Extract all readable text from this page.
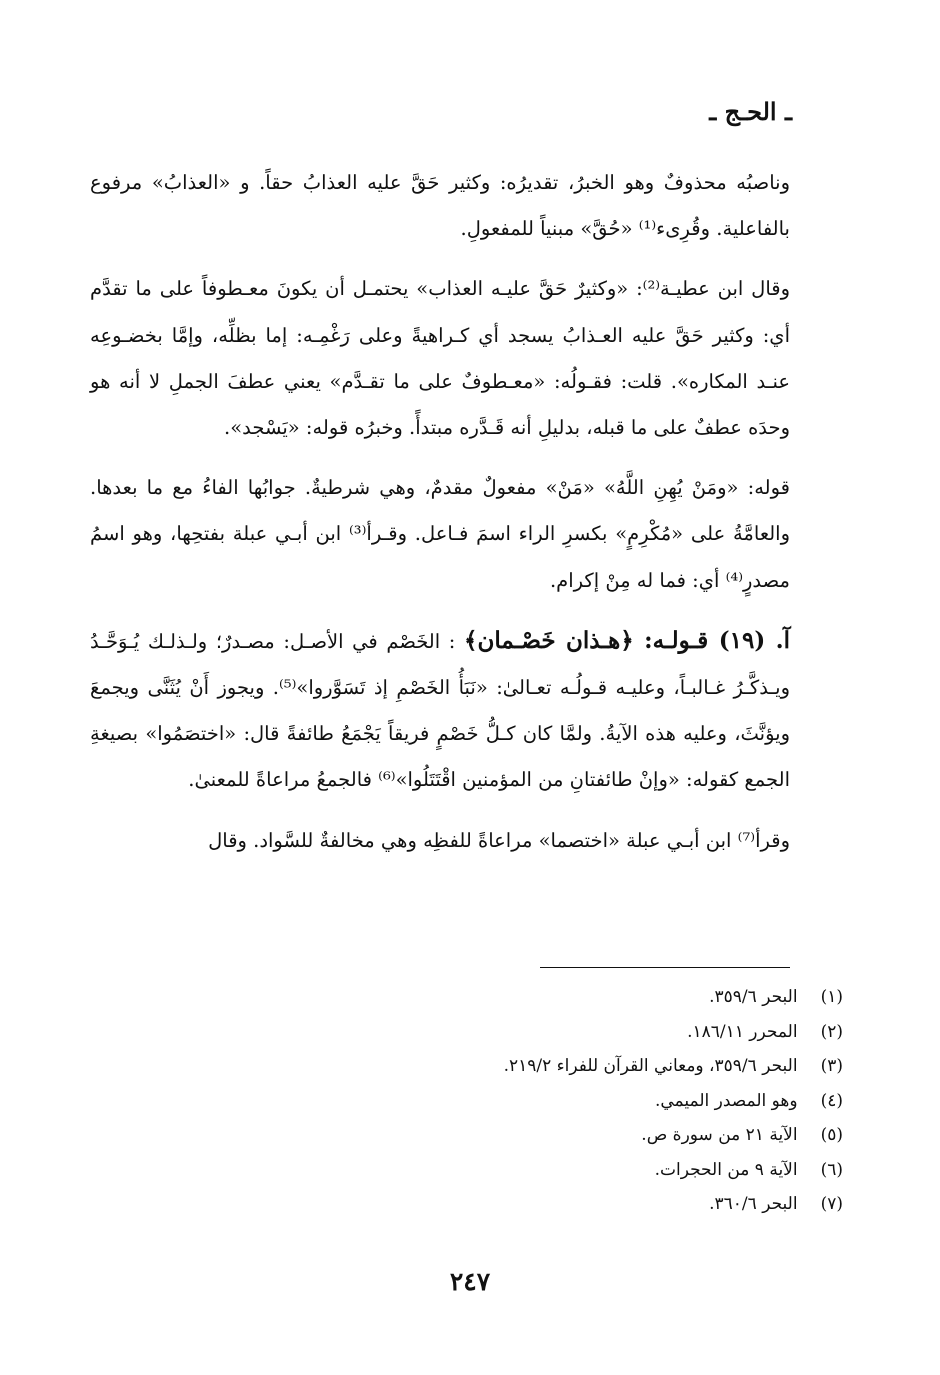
ـ الحـج ـ

وناصبُه محذوفٌ وهو الخبرُ، تقديرُه: وكثير حَقَّ عليه العذابُ حقاً. و «العذابُ» مرفوع بالفاعلية. وقُرِىء⁽¹⁾ «حُقَّ» مبنياً للمفعولِ.

وقال ابن عطيـة⁽²⁾: «وكثيرٌ حَقَّ عليـه العذاب» يحتمـل أن يكونَ معـطوفاً على ما تقدَّم أي: وكثير حَقَّ عليه العـذابُ يسجد أي كـراهيةً وعلى رَغْمِـه: إما بظلِّه، وإمَّا بخضـوعِه عنـد المكاره». قلت: فقـولُه: «معـطوفٌ على ما تقـدَّم» يعني عطفَ الجملِ لا أنه هو وحدَه عطفٌ على ما قبله، بدليلِ أنه قَـدَّره مبتدأً. وخبرُه قوله: «يَسْجد».

قوله: «ومَنْ يُهِنِ اللَّهُ» «مَنْ» مفعولٌ مقدمٌ، وهي شرطيةٌ. جوابُها الفاءُ مع ما بعدها. والعامَّةُ على «مُكْرِمٍ» بكسرِ الراء اسمَ فـاعل. وقـرأ⁽³⁾ ابن أبـي عبلة بفتحِها، وهو اسمُ مصدرٍ⁽⁴⁾ أي: فما له مِنْ إكرام.

آ. (١٩) قـولـه: ﴿هـذان خَصْـمان﴾ : الخَصْم في الأصـل: مصـدرٌ؛ ولـذلـك يُـوَحَّـدُ ويـذكَّـرُ غـالبـاً، وعليـه قـولُـه تعـالىٰ: «نَبَأُ الخَصْمِ إذ تَسَوَّروا»⁽⁵⁾. ويجوز أَنْ يُثَنَّى ويجمعَ ويؤنَّثَ، وعليه هذه الآيةُ. ولمَّا كان كـلُّ خَصْمٍ فريقاً يَجْمَعُ طائفةً قال: «اختصَمُوا» بصيغةِ الجمع كقوله: «وإنْ طائفتانِ من المؤمنين اقْتَتَلُوا»⁽⁶⁾ فالجمعُ مراعاةً للمعنىٰ.

وقرأ⁽⁷⁾ ابن أبـي عبلة «اختصما» مراعاةً للفظِه وهي مخالفةٌ للسَّواد. وقال

(١) البحر ٣٥٩/٦.
(٢) المحرر ١٨٦/١١.
(٣) البحر ٣٥٩/٦، ومعاني القرآن للفراء ٢١٩/٢.
(٤) وهو المصدر الميمي.
(٥) الآية ٢١ من سورة ص.
(٦) الآية ٩ من الحجرات.
(٧) البحر ٣٦٠/٦.
٢٤٧
